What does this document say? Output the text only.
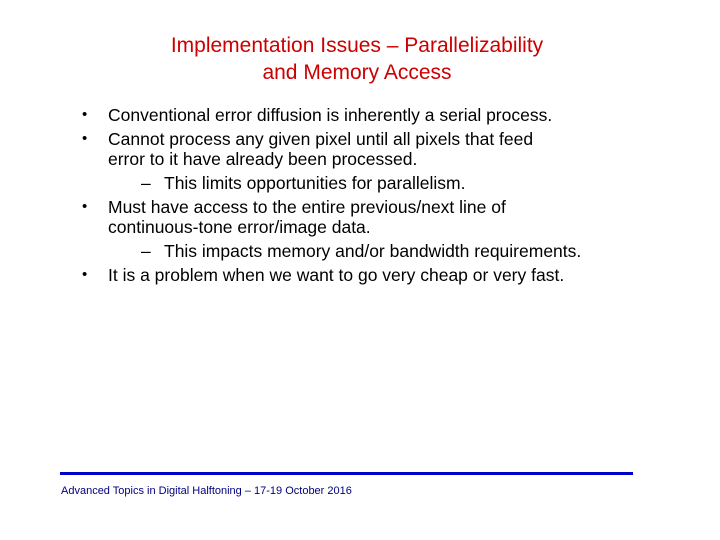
Implementation Issues – Parallelizability
and Memory Access
• Conventional error diffusion is inherently a serial process.
• Cannot process any given pixel until all pixels that feed
error to it have already been processed.
– This limits opportunities for parallelism.
• Must have access to the entire previous/next line of
continuous-tone error/image data.
– This impacts memory and/or bandwidth requirements.
• It is a problem when we want to go very cheap or very fast.
Advanced Topics in Digital Halftoning – 17-19 October 2016
